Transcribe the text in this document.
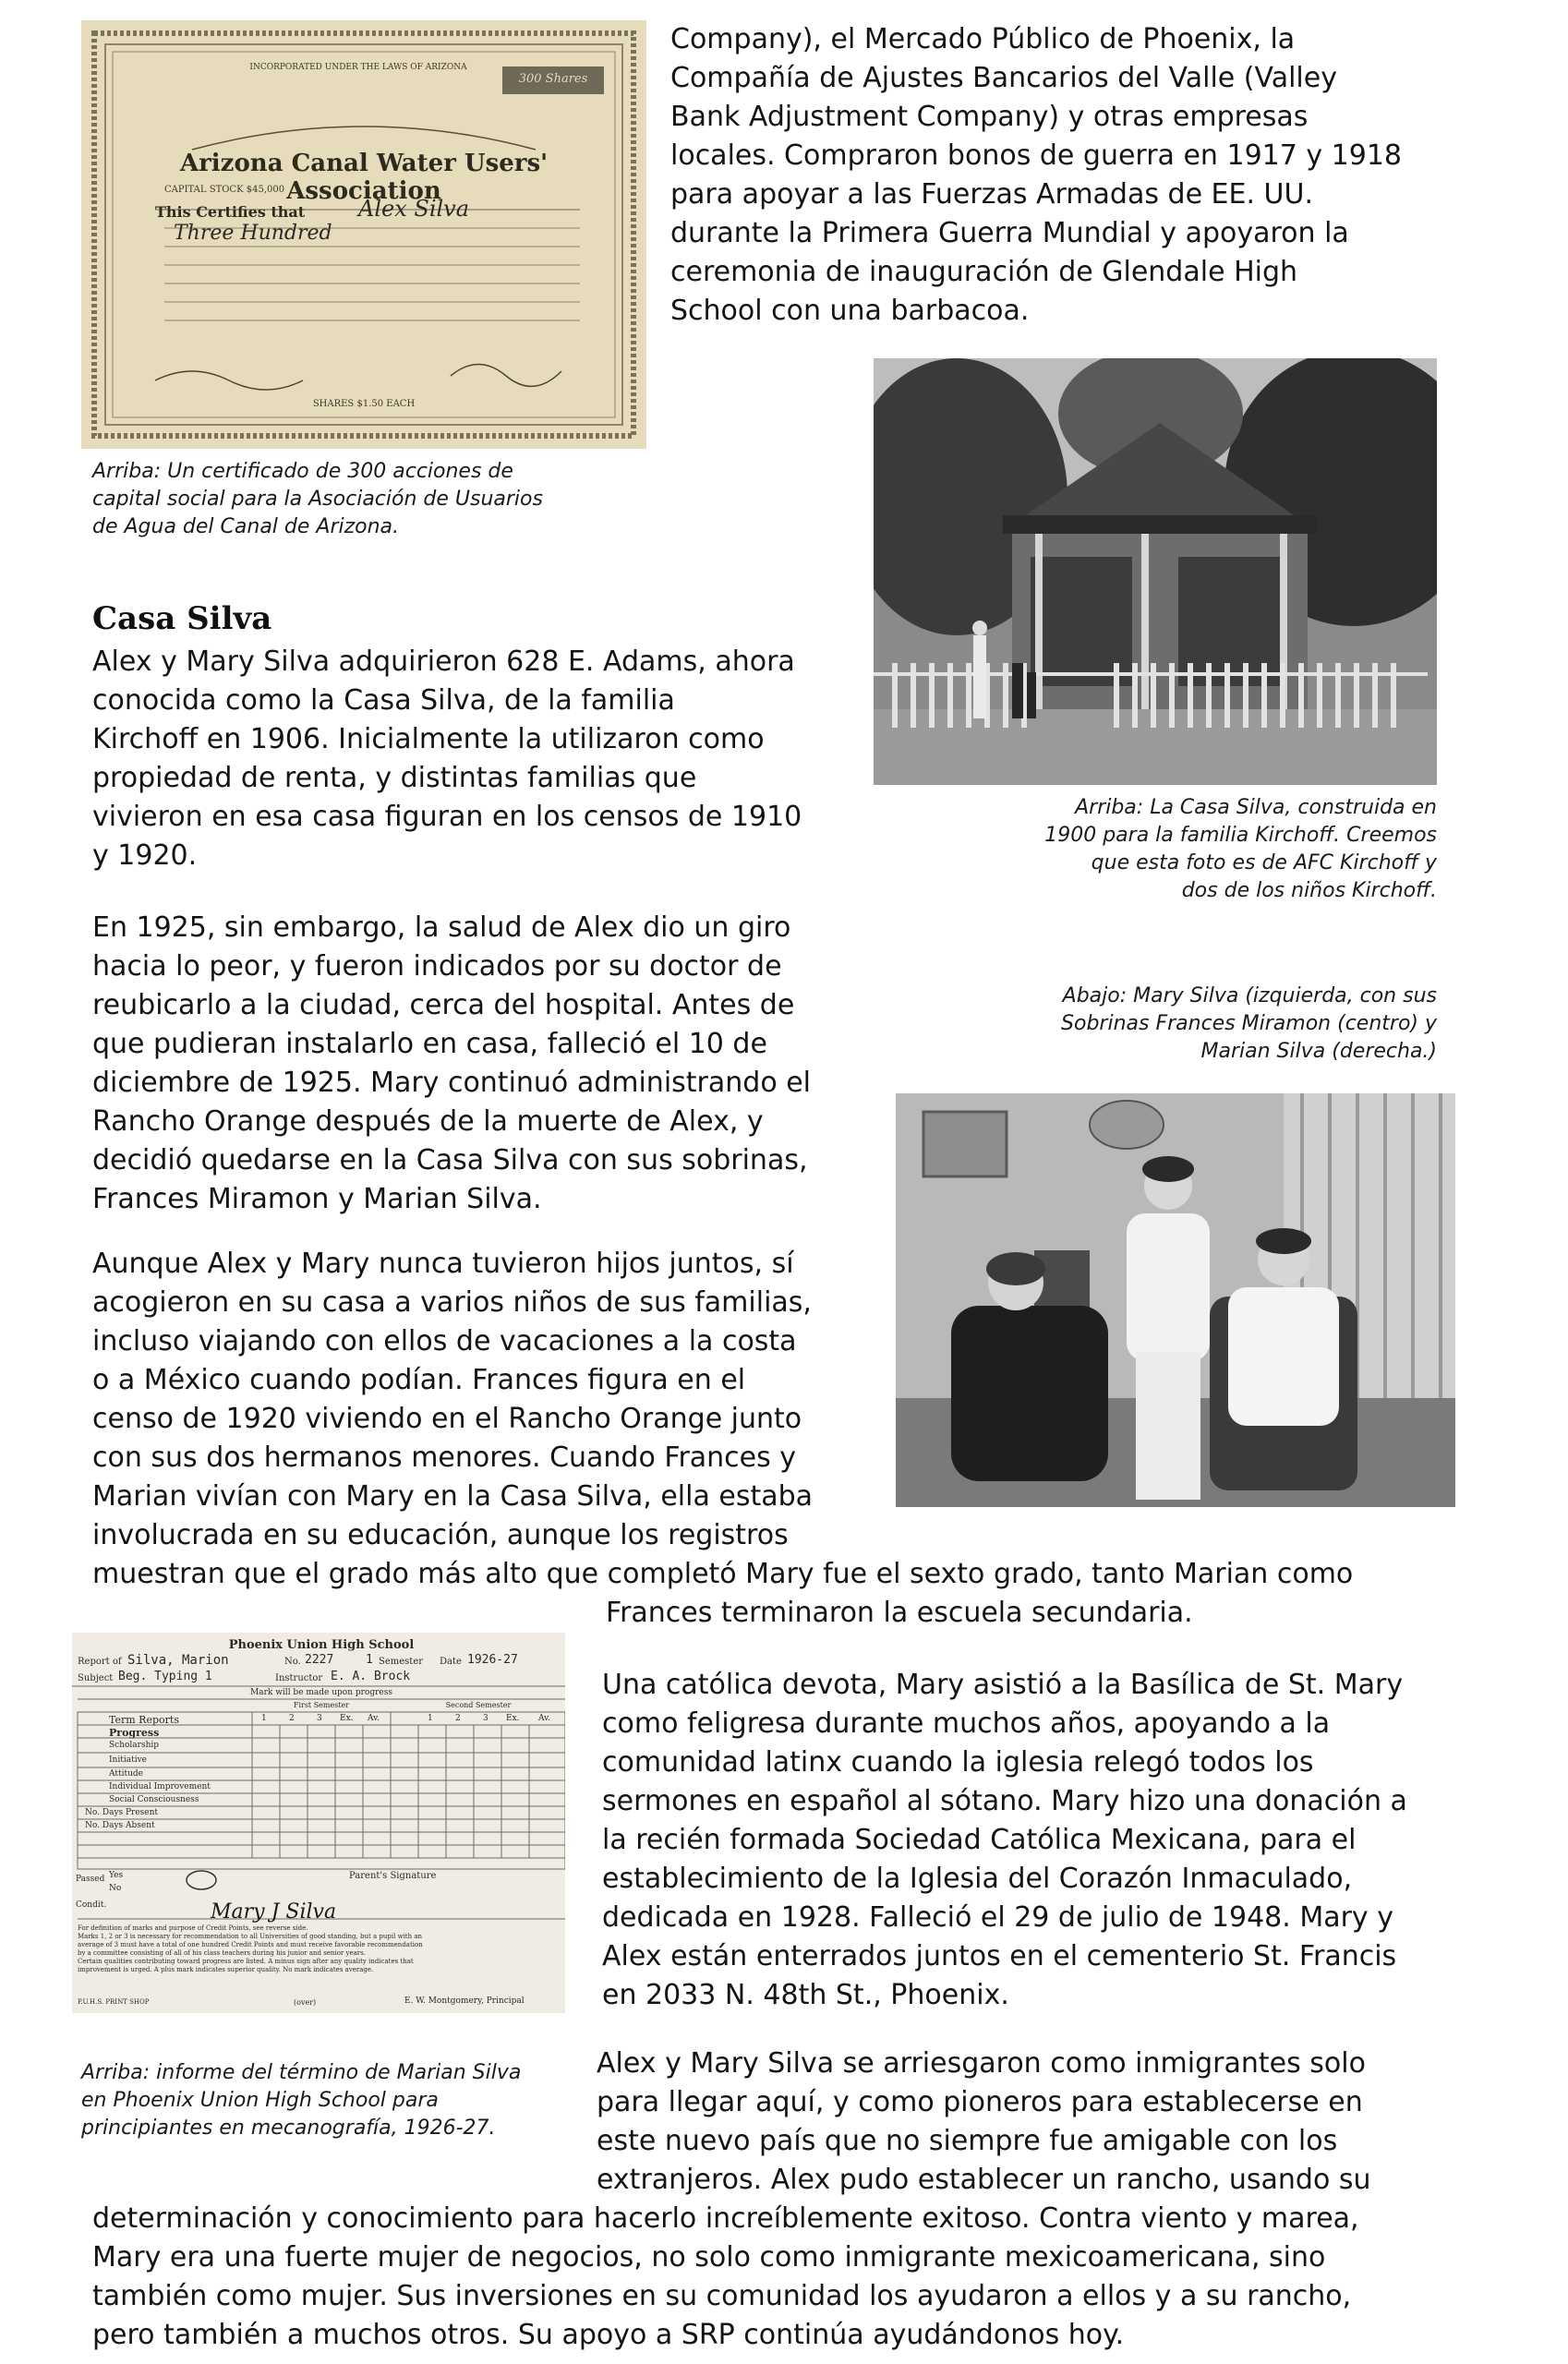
INCORPORATED UNDER THE LAWS OF ARIZONA
300 Shares
Arizona Canal Water Users' Association
CAPITAL STOCK $45,000
This Certifies that	Alex Silva
Three Hundred
SHARES $1.50 EACH

Company), el Mercado Público de Phoenix, la
Compañía de Ajustes Bancarios del Valle (Valley
Bank Adjustment Company) y otras empresas
locales. Compraron bonos de guerra en 1917 y 1918
para apoyar a las Fuerzas Armadas de EE. UU.
durante la Primera Guerra Mundial y apoyaron la
ceremonia de inauguración de Glendale High
School con una barbacoa.

Arriba: Un certificado de 300 acciones de
capital social para la Asociación de Usuarios
de Agua del Canal de Arizona.

Arriba: La Casa Silva, construida en
1900 para la familia Kirchoff. Creemos
que esta foto es de AFC Kirchoff y
dos de los niños Kirchoff.

Casa Silva

Alex y Mary Silva adquirieron 628 E. Adams, ahora
conocida como la Casa Silva, de la familia
Kirchoff en 1906. Inicialmente la utilizaron como
propiedad de renta, y distintas familias que
vivieron en esa casa figuran en los censos de 1910
y 1920.

En 1925, sin embargo, la salud de Alex dio un giro
hacia lo peor, y fueron indicados por su doctor de
reubicarlo a la ciudad, cerca del hospital. Antes de
que pudieran instalarlo en casa, falleció el 10 de
diciembre de 1925. Mary continuó administrando el
Rancho Orange después de la muerte de Alex, y
decidió quedarse en la Casa Silva con sus sobrinas,
Frances Miramon y Marian Silva.

Abajo: Mary Silva (izquierda, con sus
Sobrinas Frances Miramon (centro) y
Marian Silva (derecha.)

Aunque Alex y Mary nunca tuvieron hijos juntos, sí
acogieron en su casa a varios niños de sus familias,
incluso viajando con ellos de vacaciones a la costa
o a México cuando podían. Frances figura en el
censo de 1920 viviendo en el Rancho Orange junto
con sus dos hermanos menores. Cuando Frances y
Marian vivían con Mary en la Casa Silva, ella estaba
involucrada en su educación, aunque los registros

muestran que el grado más alto que completó Mary fue el sexto grado, tanto Marian como

Frances terminaron la escuela secundaria.

Phoenix Union High School
Report of Silva, Marion	No. 2227	1 Semester Date 1926-27
Subject Beg. Typing 1	Instructor E. A. Brock
Mark will be made upon progress
Term Reports
First Semester	Second Semester
1	2	3 Ex. Av.	1	2	3 Ex. Av.
Progress
Scholarship
Initiative
Attitude
Individual Improvement
Social Consciousness
No. Days Present
No. Days Absent
Passed
Condit.
Yes
No
Parent's Signature
Mary J Silva
For definition of marks and purpose of Credit Points, see reverse side.
Marks 1, 2 or 3 is necessary for recommendation to all Universities of good standing, but a pupil with an
average of 3 must have a total of one hundred Credit Points and must receive favorable recommendation
by a committee consisting of all of his class teachers during his junior and senior years.
Certain qualities contributing toward progress are listed. A minus sign after any quality indicates that
improvement is urged. A plus mark indicates superior quality. No mark indicates average.
P.U.H.S. PRINT SHOP	(over)	E. W. Montgomery, Principal

Arriba: informe del término de Marian Silva
en Phoenix Union High School para
principiantes en mecanografía, 1926-27.

Una católica devota, Mary asistió a la Basílica de St. Mary
como feligresa durante muchos años, apoyando a la
comunidad latinx cuando la iglesia relegó todos los
sermones en español al sótano. Mary hizo una donación a
la recién formada Sociedad Católica Mexicana, para el
establecimiento de la Iglesia del Corazón Inmaculado,
dedicada en 1928. Falleció el 29 de julio de 1948. Mary y
Alex están enterrados juntos en el cementerio St. Francis
en 2033 N. 48th St., Phoenix.

Alex y Mary Silva se arriesgaron como inmigrantes solo
para llegar aquí, y como pioneros para establecerse en
este nuevo país que no siempre fue amigable con los
extranjeros. Alex pudo establecer un rancho, usando su

determinación y conocimiento para hacerlo increíblemente exitoso. Contra viento y marea,
Mary era una fuerte mujer de negocios, no solo como inmigrante mexicoamericana, sino
también como mujer. Sus inversiones en su comunidad los ayudaron a ellos y a su rancho,
pero también a muchos otros. Su apoyo a SRP continúa ayudándonos hoy.
